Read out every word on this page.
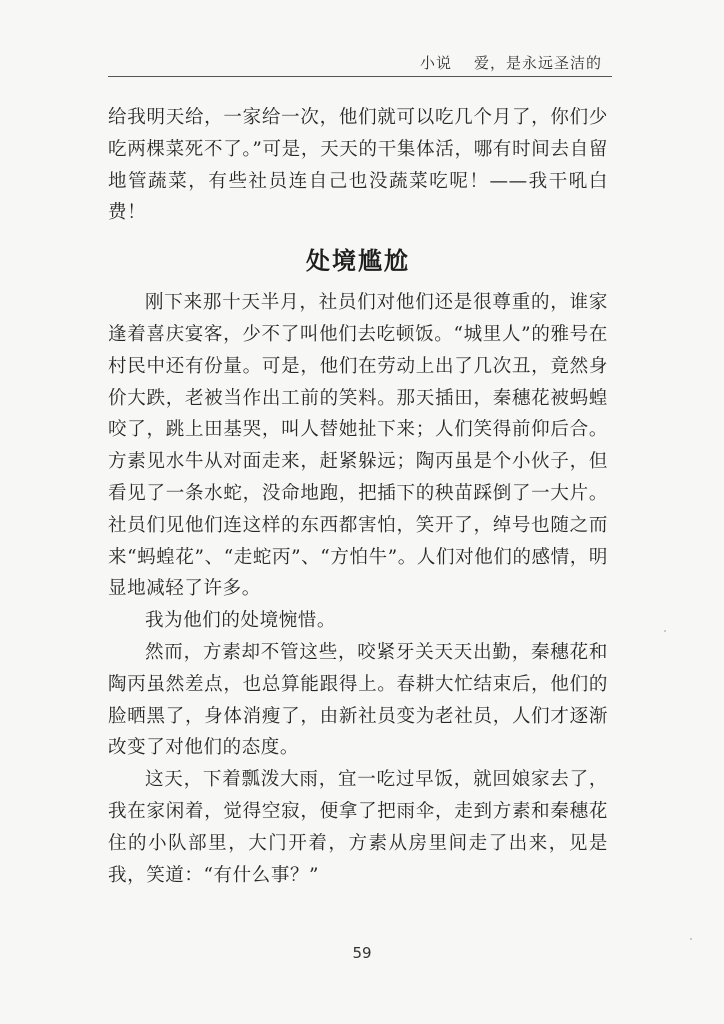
小说 爱，是永远圣洁的

给我明天给，一家给一次，他们就可以吃几个月了，你们少吃两棵菜死不了。”可是，天天的干集体活，哪有时间去自留地管蔬菜，有些社员连自己也没蔬菜吃呢！——我干吼白费！

处境尴尬

刚下来那十天半月，社员们对他们还是很尊重的，谁家逢着喜庆宴客，少不了叫他们去吃顿饭。“城里人”的雅号在村民中还有份量。可是，他们在劳动上出了几次丑，竟然身价大跌，老被当作出工前的笑料。那天插田，秦穗花被蚂蝗咬了，跳上田基哭，叫人替她扯下来；人们笑得前仰后合。方素见水牛从对面走来，赶紧躲远；陶丙虽是个小伙子，但看见了一条水蛇，没命地跑，把插下的秧苗踩倒了一大片。社员们见他们连这样的东西都害怕，笑开了，绰号也随之而来“蚂蝗花”、“走蛇丙”、“方怕牛”。人们对他们的感情，明显地减轻了许多。

我为他们的处境惋惜。

然而，方素却不管这些，咬紧牙关天天出勤，秦穗花和陶丙虽然差点，也总算能跟得上。春耕大忙结束后，他们的脸晒黑了，身体消瘦了，由新社员变为老社员，人们才逐渐改变了对他们的态度。

这天，下着瓢泼大雨，宜一吃过早饭，就回娘家去了，我在家闲着，觉得空寂，便拿了把雨伞，走到方素和秦穗花住的小队部里，大门开着，方素从房里间走了出来，见是我，笑道：“有什么事？”

59
